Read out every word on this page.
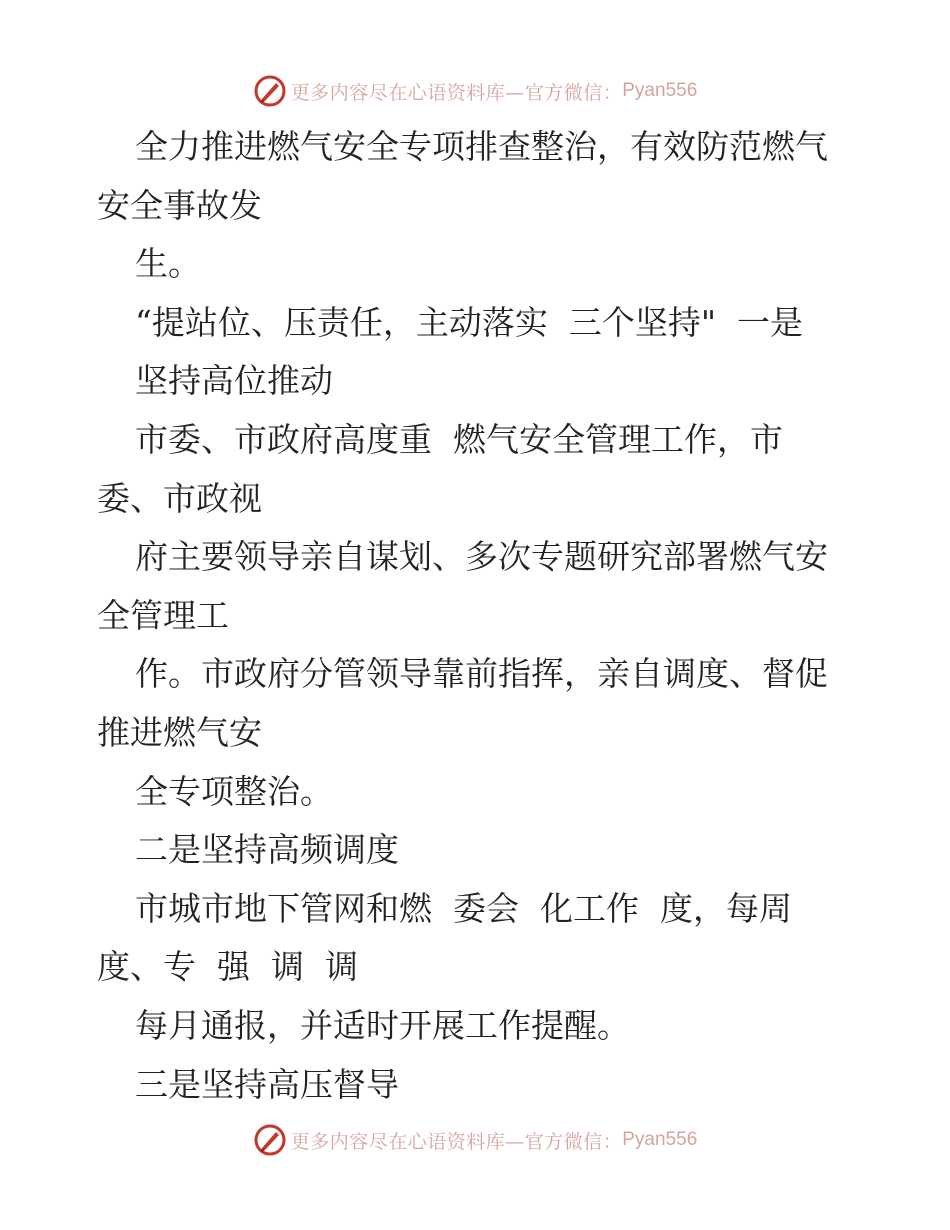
更多内容尽在心语资料库—官方微信： Pyan556

全力推进燃气安全专项排查整治，有效防范燃气

安全事故发

生。

“提站位、压责任，主动落实  三个坚持"  一是

坚持高位推动

市委、市政府高度重  燃气安全管理工作，市

委、市政视

府主要领导亲自谋划、多次专题研究部署燃气安

全管理工

作。市政府分管领导靠前指挥，亲自调度、督促

推进燃气安

全专项整治。

二是坚持高频调度

市城市地下管网和燃  委会  化工作  度，每周

度、专  强  调  调

每月通报，并适时开展工作提醒。

三是坚持高压督导

更多内容尽在心语资料库—官方微信： Pyan556
